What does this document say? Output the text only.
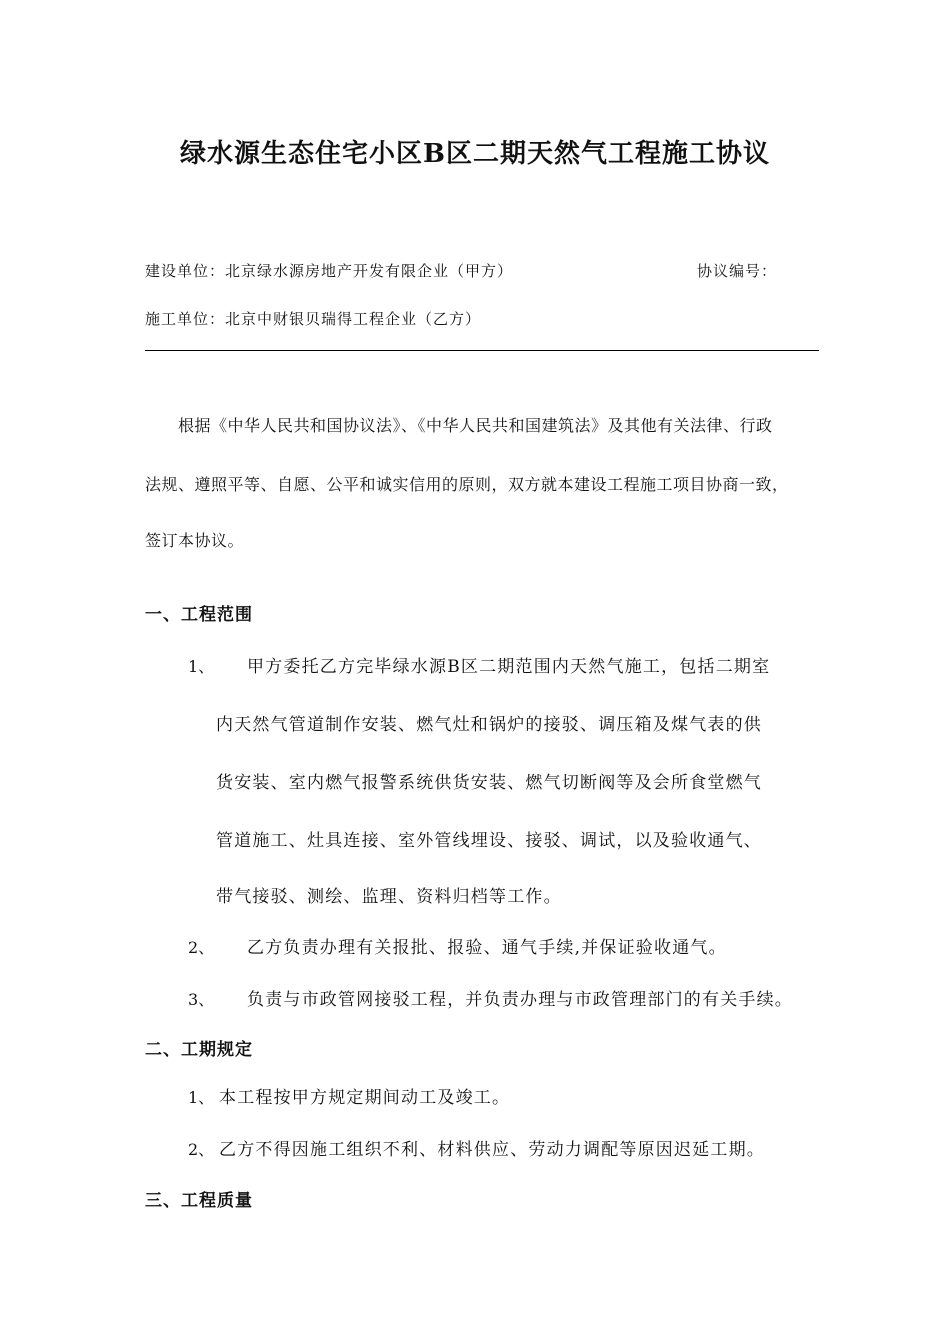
绿水源生态住宅小区B区二期天然气工程施工协议
建设单位：北京绿水源房地产开发有限企业（甲方）	协议编号：
施工单位：北京中财银贝瑞得工程企业（乙方）
根据《中华人民共和国协议法》、《中华人民共和国建筑法》及其他有关法律、行政
法规、遵照平等、自愿、公平和诚实信用的原则，双方就本建设工程施工项目协商一致，
签订本协议。
一、工程范围
1、 甲方委托乙方完毕绿水源B区二期范围内天然气施工，包括二期室
内天然气管道制作安装、燃气灶和锅炉的接驳、调压箱及煤气表的供
货安装、室内燃气报警系统供货安装、燃气切断阀等及会所食堂燃气
管道施工、灶具连接、室外管线埋设、接驳、调试，以及验收通气、
带气接驳、测绘、监理、资料归档等工作。
2、 乙方负责办理有关报批、报验、通气手续,并保证验收通气。
3、 负责与市政管网接驳工程，并负责办理与市政管理部门的有关手续。
二、工期规定
1、 本工程按甲方规定期间动工及竣工。
2、 乙方不得因施工组织不利、材料供应、劳动力调配等原因迟延工期。
三、工程质量
